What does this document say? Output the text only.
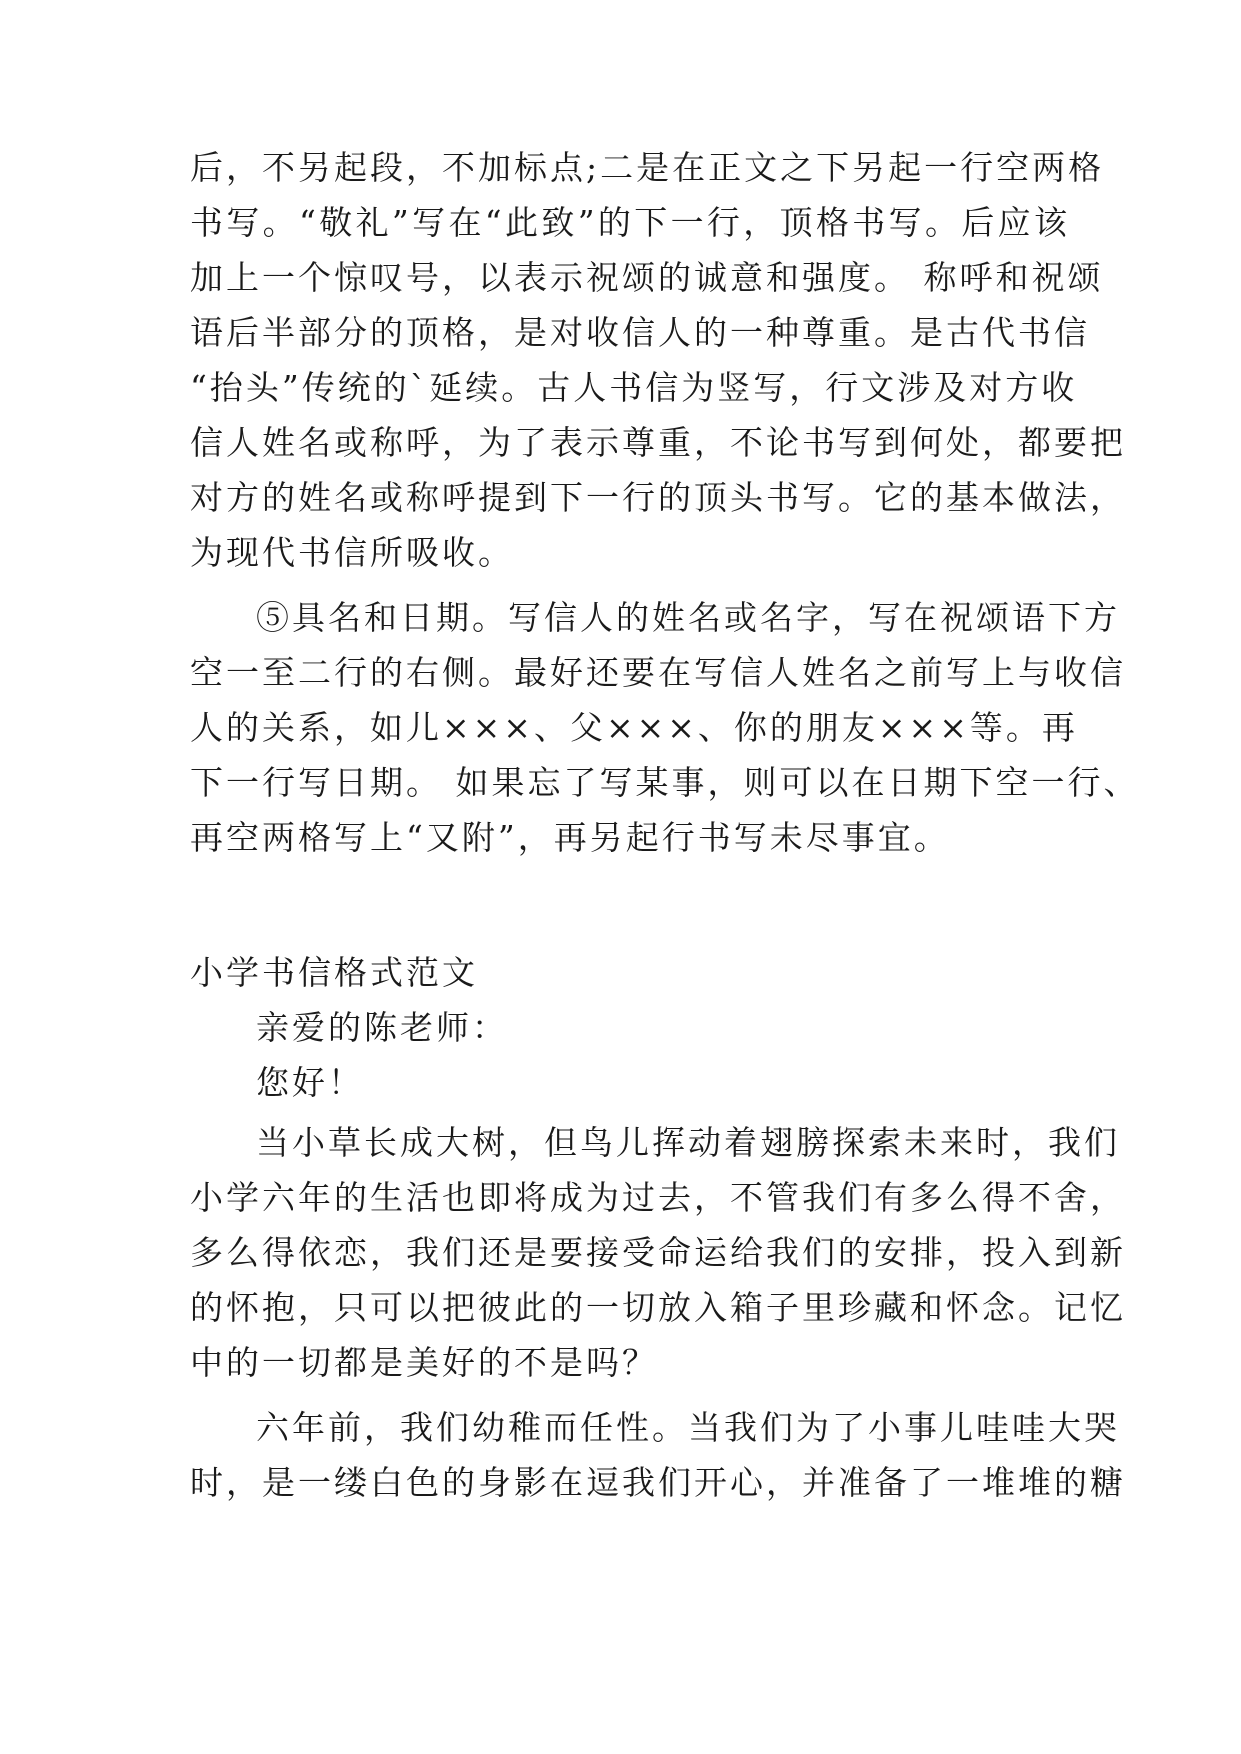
后，不另起段，不加标点;二是在正文之下另起一行空两格
书写。“敬礼”写在“此致”的下一行，顶格书写。后应该
加上一个惊叹号，以表示祝颂的诚意和强度。 称呼和祝颂
语后半部分的顶格，是对收信人的一种尊重。是古代书信
“抬头”传统的`延续。古人书信为竖写，行文涉及对方收
信人姓名或称呼，为了表示尊重，不论书写到何处，都要把
对方的姓名或称呼提到下一行的顶头书写。它的基本做法，
为现代书信所吸收。
⑤具名和日期。写信人的姓名或名字，写在祝颂语下方
空一至二行的右侧。最好还要在写信人姓名之前写上与收信
人的关系，如儿×××、父×××、你的朋友×××等。再
下一行写日期。 如果忘了写某事，则可以在日期下空一行、
再空两格写上“又附”，再另起行书写未尽事宜。
小学书信格式范文
亲爱的陈老师：
您好！
当小草长成大树，但鸟儿挥动着翅膀探索未来时，我们
小学六年的生活也即将成为过去，不管我们有多么得不舍，
多么得依恋，我们还是要接受命运给我们的安排，投入到新
的怀抱，只可以把彼此的一切放入箱子里珍藏和怀念。记忆
中的一切都是美好的不是吗？
六年前，我们幼稚而任性。当我们为了小事儿哇哇大哭
时，是一缕白色的身影在逗我们开心，并准备了一堆堆的糖
